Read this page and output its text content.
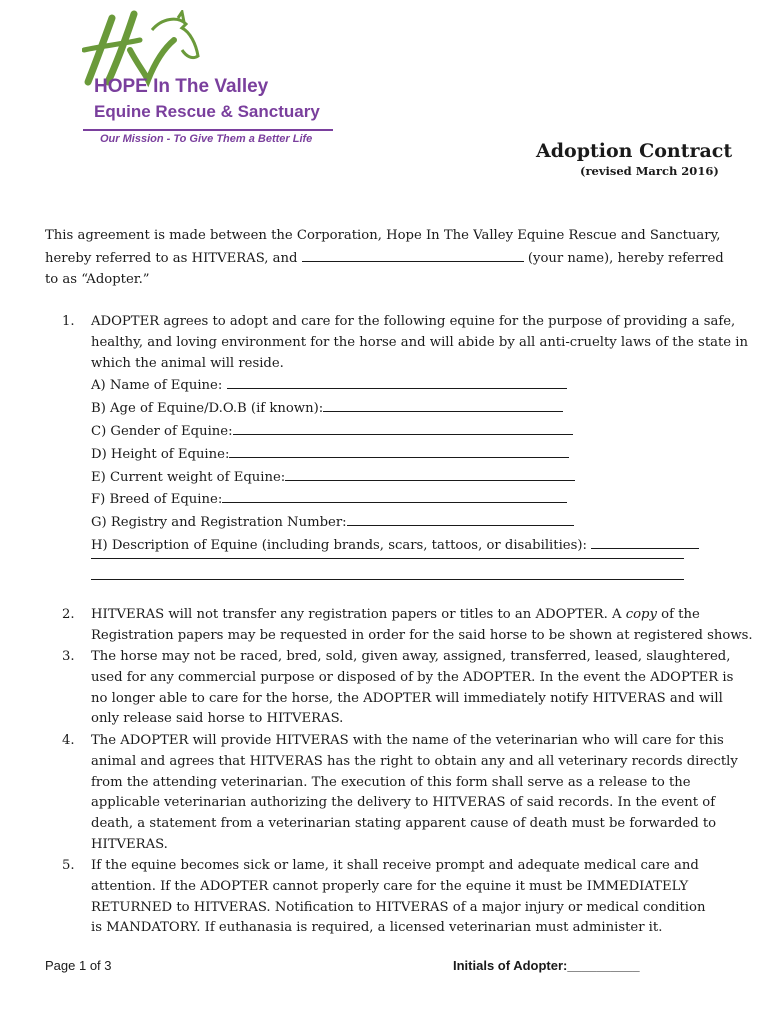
HOPE In The Valley
Equine Rescue & Sanctuary
Our Mission - To Give Them a Better Life
Adoption Contract
(revised March 2016)
This agreement is made between the Corporation, Hope In The Valley Equine Rescue and Sanctuary,
hereby referred to as HITVERAS, and	(your name), hereby referred
to as “Adopter.”
1.	ADOPTER agrees to adopt and care for the following equine for the purpose of providing a safe,
healthy, and loving environment for the horse and will abide by all anti-cruelty laws of the state in
which the animal will reside.
A) Name of Equine:
B) Age of Equine/D.O.B (if known):
C) Gender of Equine:
D) Height of Equine:
E) Current weight of Equine:
F) Breed of Equine:
G) Registry and Registration Number:
H) Description of Equine (including brands, scars, tattoos, or disabilities):
2.	HITVERAS will not transfer any registration papers or titles to an ADOPTER. A copy of the
Registration papers may be requested in order for the said horse to be shown at registered shows.
3.	The horse may not be raced, bred, sold, given away, assigned, transferred, leased, slaughtered,
used for any commercial purpose or disposed of by the ADOPTER. In the event the ADOPTER is
no longer able to care for the horse, the ADOPTER will immediately notify HITVERAS and will
only release said horse to HITVERAS.
4.	The ADOPTER will provide HITVERAS with the name of the veterinarian who will care for this
animal and agrees that HITVERAS has the right to obtain any and all veterinary records directly
from the attending veterinarian. The execution of this form shall serve as a release to the
applicable veterinarian authorizing the delivery to HITVERAS of said records. In the event of
death, a statement from a veterinarian stating apparent cause of death must be forwarded to
HITVERAS.
5.	If the equine becomes sick or lame, it shall receive prompt and adequate medical care and
attention. If the ADOPTER cannot properly care for the equine it must be IMMEDIATELY
RETURNED to HITVERAS. Notification to HITVERAS of a major injury or medical condition
is MANDATORY. If euthanasia is required, a licensed veterinarian must administer it.
Page 1 of 3	Initials of Adopter:__________
